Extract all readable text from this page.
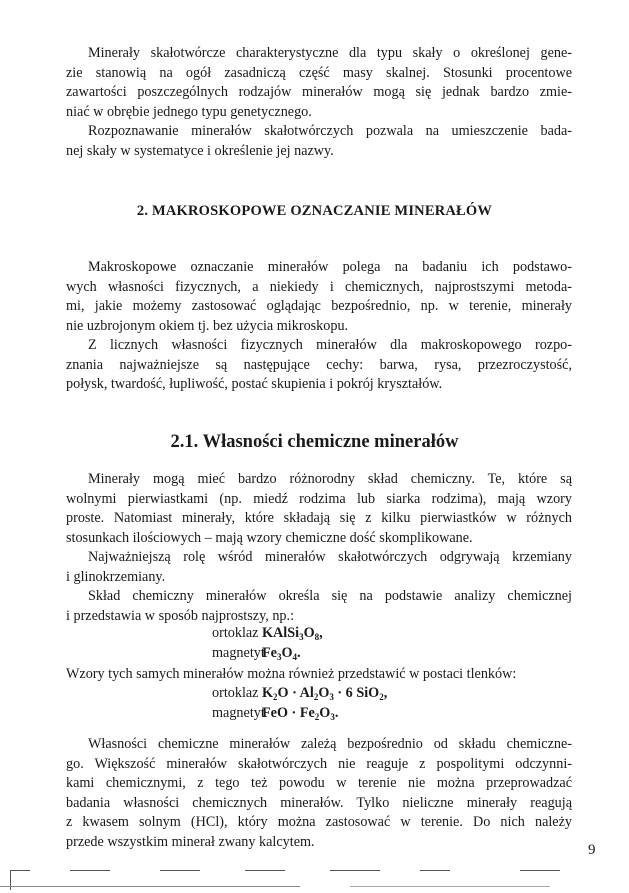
Minerały skałotwórcze charakterystyczne dla typu skały o określonej gene-
zie stanowią na ogół zasadniczą część masy skalnej. Stosunki procentowe
zawartości poszczególnych rodzajów minerałów mogą się jednak bardzo zmie-
niać w obrębie jednego typu genetycznego.
Rozpoznawanie minerałów skałotwórczych pozwala na umieszczenie bada-
nej skały w systematyce i określenie jej nazwy.
2. MAKROSKOPOWE OZNACZANIE MINERAŁÓW
Makroskopowe oznaczanie minerałów polega na badaniu ich podstawo-
wych własności fizycznych, a niekiedy i chemicznych, najprostszymi metoda-
mi, jakie możemy zastosować oglądając bezpośrednio, np. w terenie, minerały
nie uzbrojonym okiem tj. bez użycia mikroskopu.
Z licznych własności fizycznych minerałów dla makroskopowego rozpo-
znania najważniejsze są następujące cechy: barwa, rysa, przezroczystość,
połysk, twardość, łupliwość, postać skupienia i pokrój kryształów.
2.1. Własności chemiczne minerałów
Minerały mogą mieć bardzo różnorodny skład chemiczny. Te, które są
wolnymi pierwiastkami (np. miedź rodzima lub siarka rodzima), mają wzory
proste. Natomiast minerały, które składają się z kilku pierwiastków w różnych
stosunkach ilościowych – mają wzory chemiczne dość skomplikowane.
Najważniejszą rolę wśród minerałów skałotwórczych odgrywają krzemiany
i glinokrzemiany.
Skład chemiczny minerałów określa się na podstawie analizy chemicznej
i przedstawia w sposób najprostszy, np.:
ortoklaz $KAlSi_3O_8$,
$magnetytFe_3O_4$.
Wzory tych samych minerałów można również przedstawić w postaci tlenków:
ortoklaz $K_2O \cdot Al_2O_3 \cdot 6$ SiO$_2$,
magnetytFeO · $Fe_2O_3$.
Własności chemiczne minerałów zależą bezpośrednio od składu chemiczne-
go. Większość minerałów skałotwórczych nie reaguje z pospolitymi odczynni-
kami chemicznymi, z tego też powodu w terenie nie można przeprowadzać
badania własności chemicznych minerałów. Tylko nieliczne minerały reagują
z kwasem solnym (HCl), który można zastosować w terenie. Do nich należy
przede wszystkim minerał zwany kalcytem.
9
